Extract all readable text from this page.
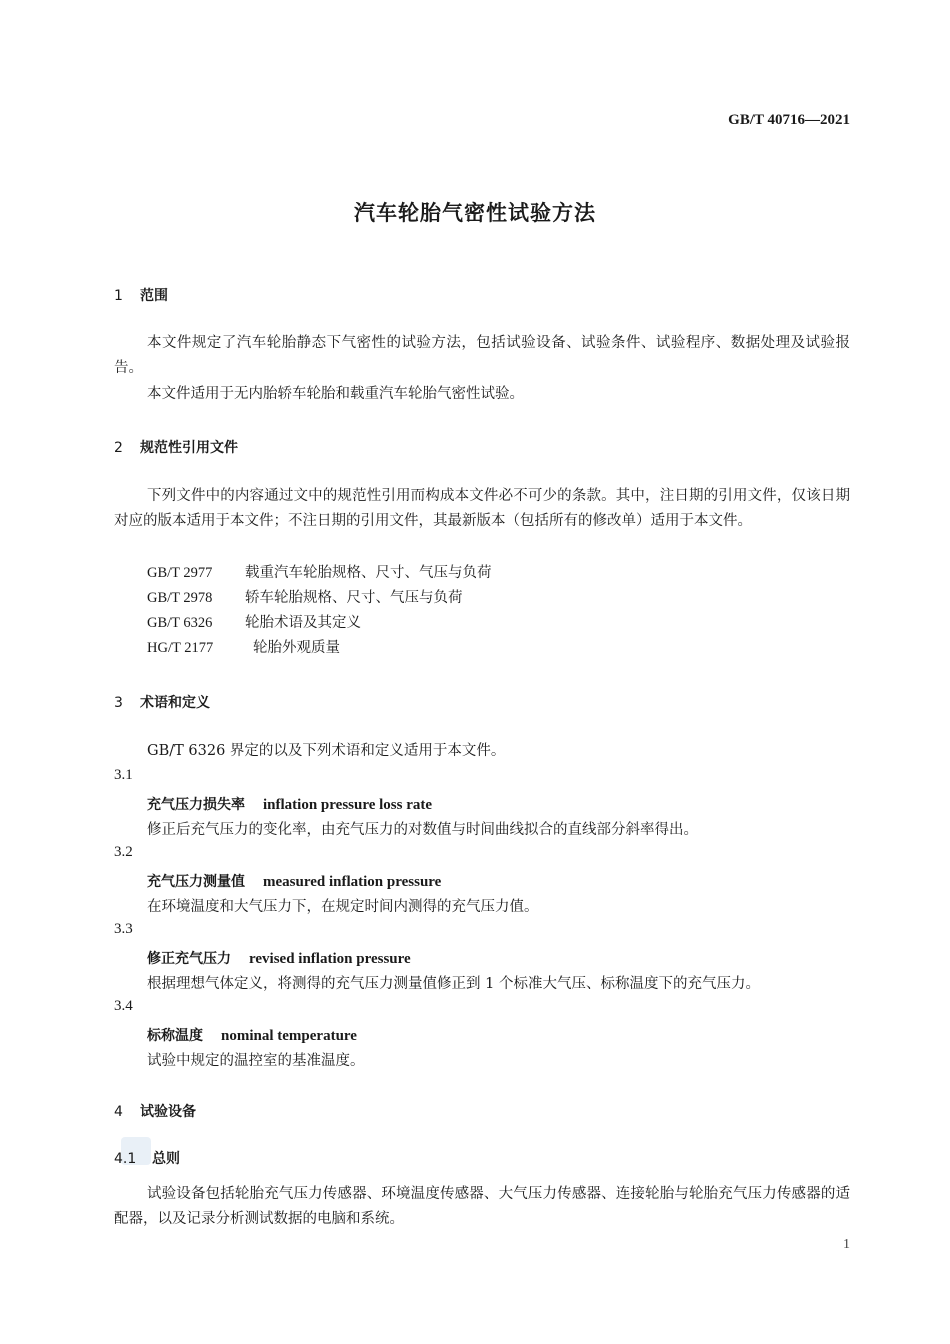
GB/T 40716—2021
汽车轮胎气密性试验方法
1 范围

本文件规定了汽车轮胎静态下气密性的试验方法，包括试验设备、试验条件、试验程序、数据处理及试验报告。

本文件适用于无内胎轿车轮胎和载重汽车轮胎气密性试验。

2 规范性引用文件

下列文件中的内容通过文中的规范性引用而构成本文件必不可少的条款。其中，注日期的引用文件，仅该日期对应的版本适用于本文件；不注日期的引用文件，其最新版本（包括所有的修改单）适用于本文件。

GB/T 2977 载重汽车轮胎规格、尺寸、气压与负荷
GB/T 2978 轿车轮胎规格、尺寸、气压与负荷
GB/T 6326 轮胎术语及其定义
HG/T 2177	轮胎外观质量
3 术语和定义

GB/T 6326 界定的以及下列术语和定义适用于本文件。

3.1
充气压力损失率 inflation pressure loss rate
修正后充气压力的变化率，由充气压力的对数值与时间曲线拟合的直线部分斜率得出。
3.2
充气压力测量值 measured inflation pressure
在环境温度和大气压力下，在规定时间内测得的充气压力值。
3.3
修正充气压力 revised inflation pressure
根据理想气体定义，将测得的充气压力测量值修正到 1 个标准大气压、标称温度下的充气压力。
3.4
标称温度 nominal temperature
试验中规定的温控室的基准温度。
4 试验设备
4.1 总则

试验设备包括轮胎充气压力传感器、环境温度传感器、大气压力传感器、连接轮胎与轮胎充气压力传感器的适配器，以及记录分析测试数据的电脑和系统。

1
